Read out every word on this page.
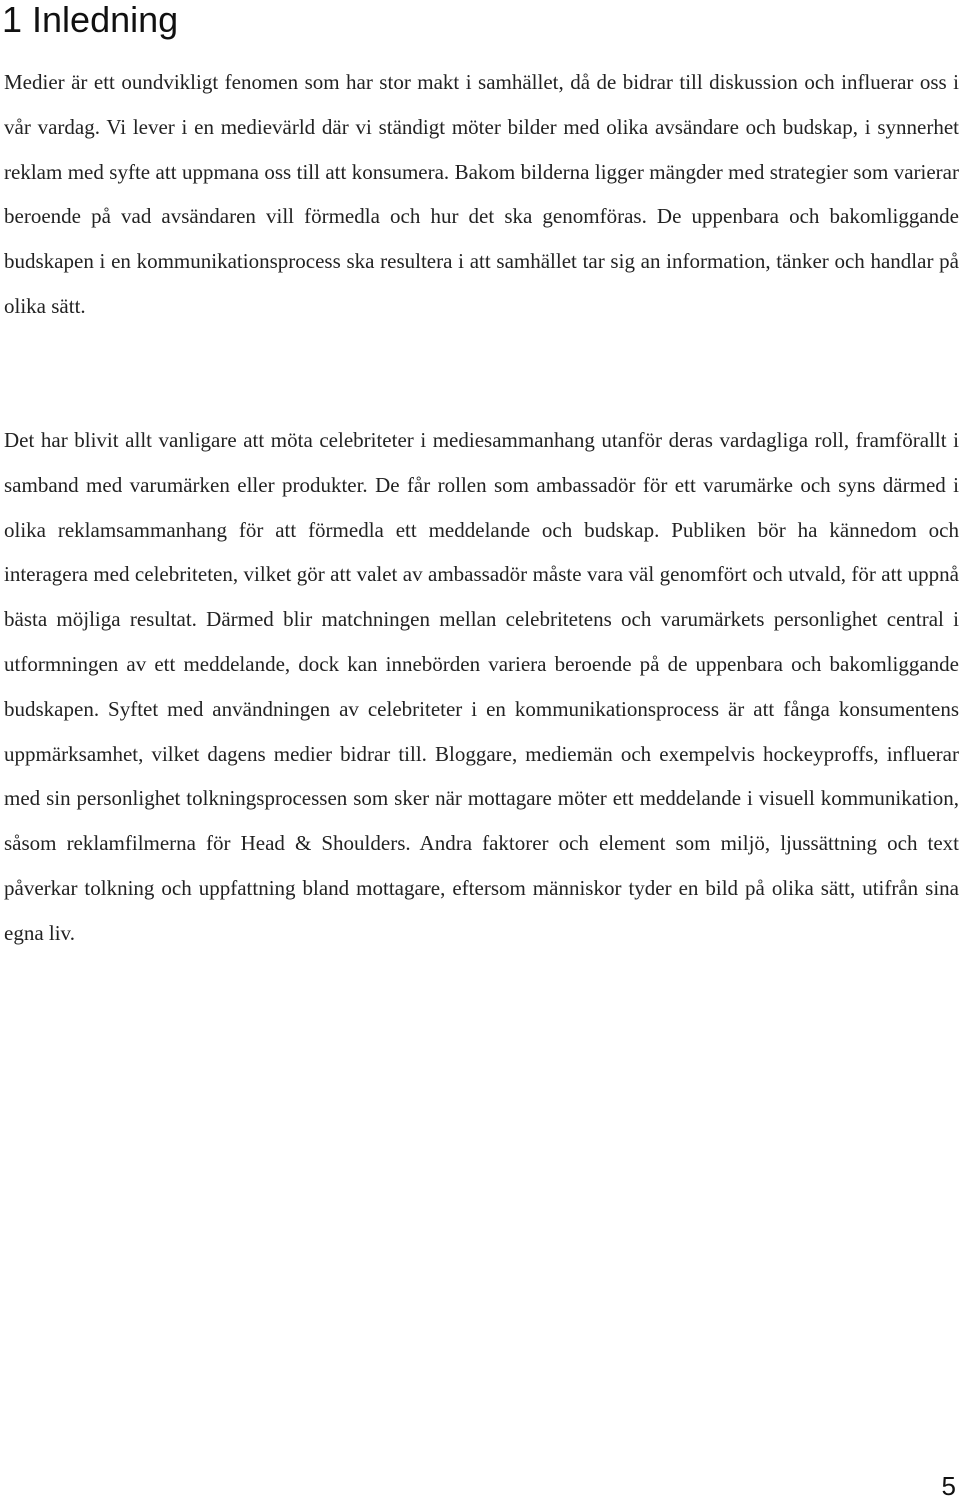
1 Inledning

Medier är ett oundvikligt fenomen som har stor makt i samhället, då de bidrar till diskussion och influerar oss i vår vardag. Vi lever i en medievärld där vi ständigt möter bilder med olika avsändare och budskap, i synnerhet reklam med syfte att uppmana oss till att konsumera. Bakom bilderna ligger mängder med strategier som varierar beroende på vad avsändaren vill förmedla och hur det ska genomföras. De uppenbara och bakomliggande budskapen i en kommunikationsprocess ska resultera i att samhället tar sig an information, tänker och handlar på olika sätt.

Det har blivit allt vanligare att möta celebriteter i mediesammanhang utanför deras vardagliga roll, framförallt i samband med varumärken eller produkter. De får rollen som ambassadör för ett varumärke och syns därmed i olika reklamsammanhang för att förmedla ett meddelande och budskap. Publiken bör ha kännedom och interagera med celebriteten, vilket gör att valet av ambassadör måste vara väl genomfört och utvald, för att uppnå bästa möjliga resultat. Därmed blir matchningen mellan celebritetens och varumärkets personlighet central i utformningen av ett meddelande, dock kan innebörden variera beroende på de uppenbara och bakomliggande budskapen. Syftet med användningen av celebriteter i en kommunikationsprocess är att fånga konsumentens uppmärksamhet, vilket dagens medier bidrar till. Bloggare, mediemän och exempelvis hockeyproffs, influerar med sin personlighet tolkningsprocessen som sker när mottagare möter ett meddelande i visuell kommunikation, såsom reklamfilmerna för Head & Shoulders. Andra faktorer och element som miljö, ljussättning och text påverkar tolkning och uppfattning bland mottagare, eftersom människor tyder en bild på olika sätt, utifrån sina egna liv.

5
